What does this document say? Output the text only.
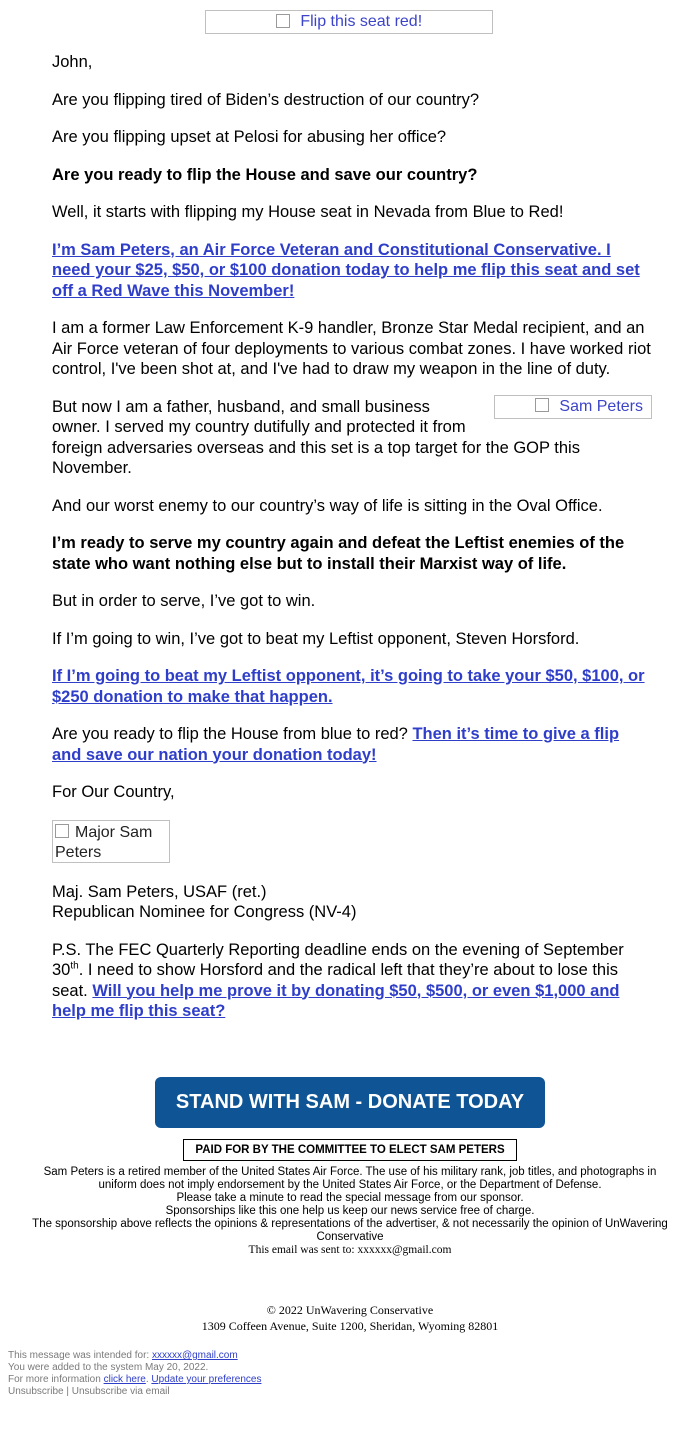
Flip this seat red!

John,

Are you flipping tired of Biden’s destruction of our country?

Are you flipping upset at Pelosi for abusing her office?

Are you ready to flip the House and save our country?

Well, it starts with flipping my House seat in Nevada from Blue to Red!

I’m Sam Peters, an Air Force Veteran and Constitutional Conservative. I need your $25, $50, or $100 donation today to help me flip this seat and set off a Red Wave this November!

I am a former Law Enforcement K-9 handler, Bronze Star Medal recipient, and an Air Force veteran of four deployments to various combat zones. I have worked riot control, I've been shot at, and I've had to draw my weapon in the line of duty.

Sam Peters
But now I am a father, husband, and small business owner. I served my country dutifully and protected it from foreign adversaries overseas and this set is a top target for the GOP this November.

And our worst enemy to our country’s way of life is sitting in the Oval Office.

I’m ready to serve my country again and defeat the Leftist enemies of the state who want nothing else but to install their Marxist way of life.

But in order to serve, I’ve got to win.

If I’m going to win, I’ve got to beat my Leftist opponent, Steven Horsford.

If I’m going to beat my Leftist opponent, it’s going to take your $50, $100, or $250 donation to make that happen.

Are you ready to flip the House from blue to red? Then it’s time to give a flip and save our nation your donation today!

For Our Country,

Major Sam Peters

Maj. Sam Peters, USAF (ret.)
Republican Nominee for Congress (NV-4)

P.S. The FEC Quarterly Reporting deadline ends on the evening of September 30th. I need to show Horsford and the radical left that they’re about to lose this seat. Will you help me prove it by donating $50, $500, or even $1,000 and help me flip this seat?

STAND WITH SAM - DONATE TODAY
PAID FOR BY THE COMMITTEE TO ELECT SAM PETERS

Sam Peters is a retired member of the United States Air Force. The use of his military rank, job titles, and photographs in uniform does not imply endorsement by the United States Air Force, or the Department of Defense.

Please take a minute to read the special message from our sponsor.

Sponsorships like this one help us keep our news service free of charge.

The sponsorship above reflects the opinions & representations of the advertiser, & not necessarily the opinion of UnWavering Conservative

This email was sent to: xxxxxx@gmail.com

© 2022 UnWavering Conservative
1309 Coffeen Avenue, Suite 1200, Sheridan, Wyoming 82801
This message was intended for: xxxxxx@gmail.com
You were added to the system May 20, 2022.
For more information click here. Update your preferences
Unsubscribe | Unsubscribe via email
